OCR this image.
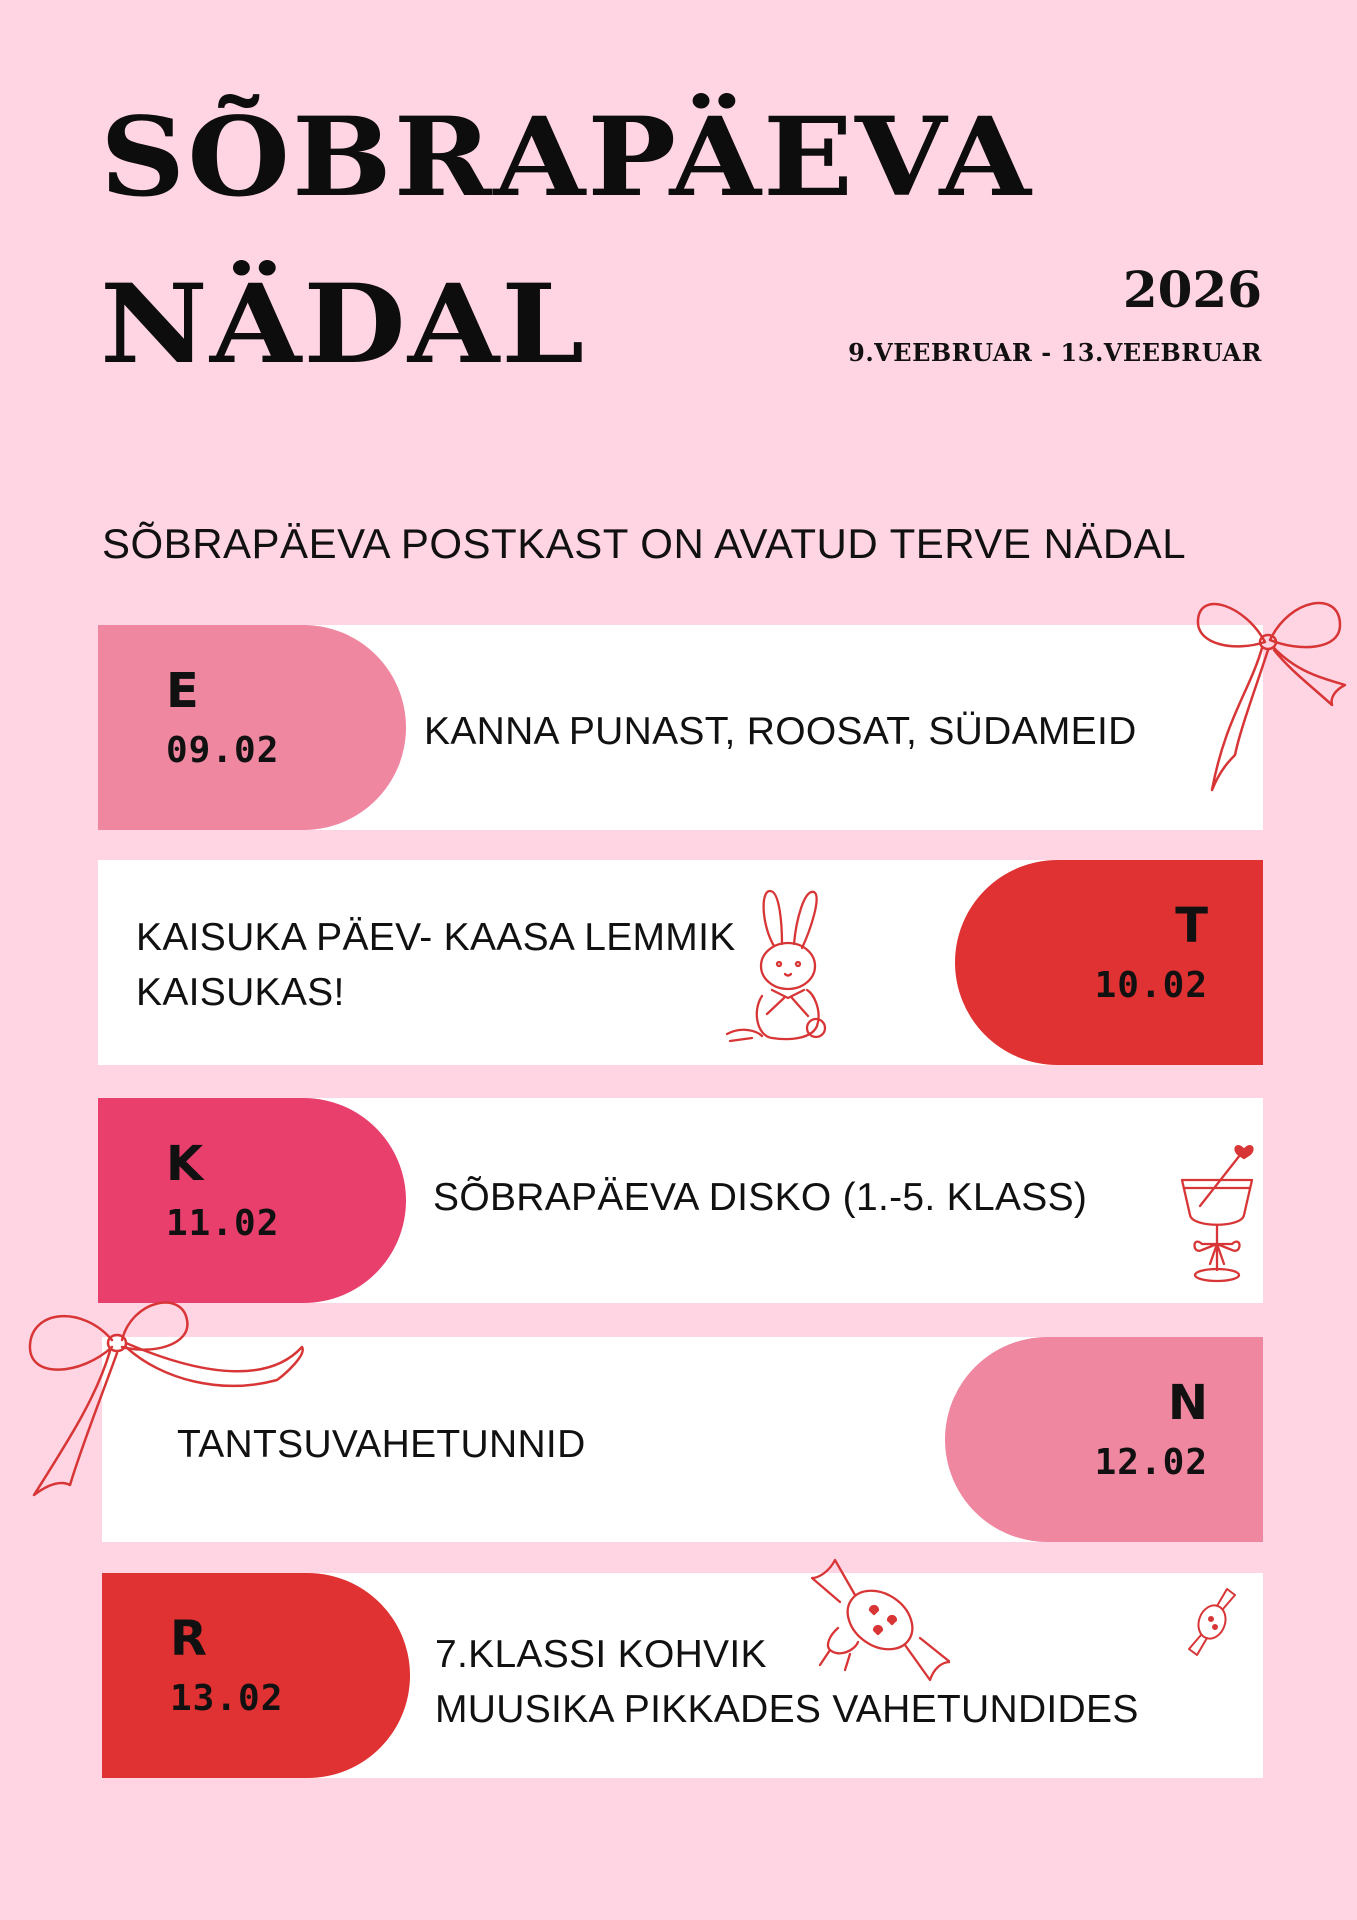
SÕBRAPÄEVA
NÄDAL	2026
9.VEEBRUAR - 13.VEEBRUAR
SÕBRAPÄEVA POSTKAST ON AVATUD TERVE NÄDAL
E
09.02	KANNA PUNAST, ROOSAT, SÜDAMEID

KAISUKA PÄEV- KAASA LEMMIK
KAISUKAS!

T
10.02
K
11.02

SÕBRAPÄEVA DISKO (1.-5. KLASS)

TANTSUVAHETUNNID

N
12.02
R
13.02

7.KLASSI KOHVIK
MUUSIKA PIKKADES VAHETUNDIDES
